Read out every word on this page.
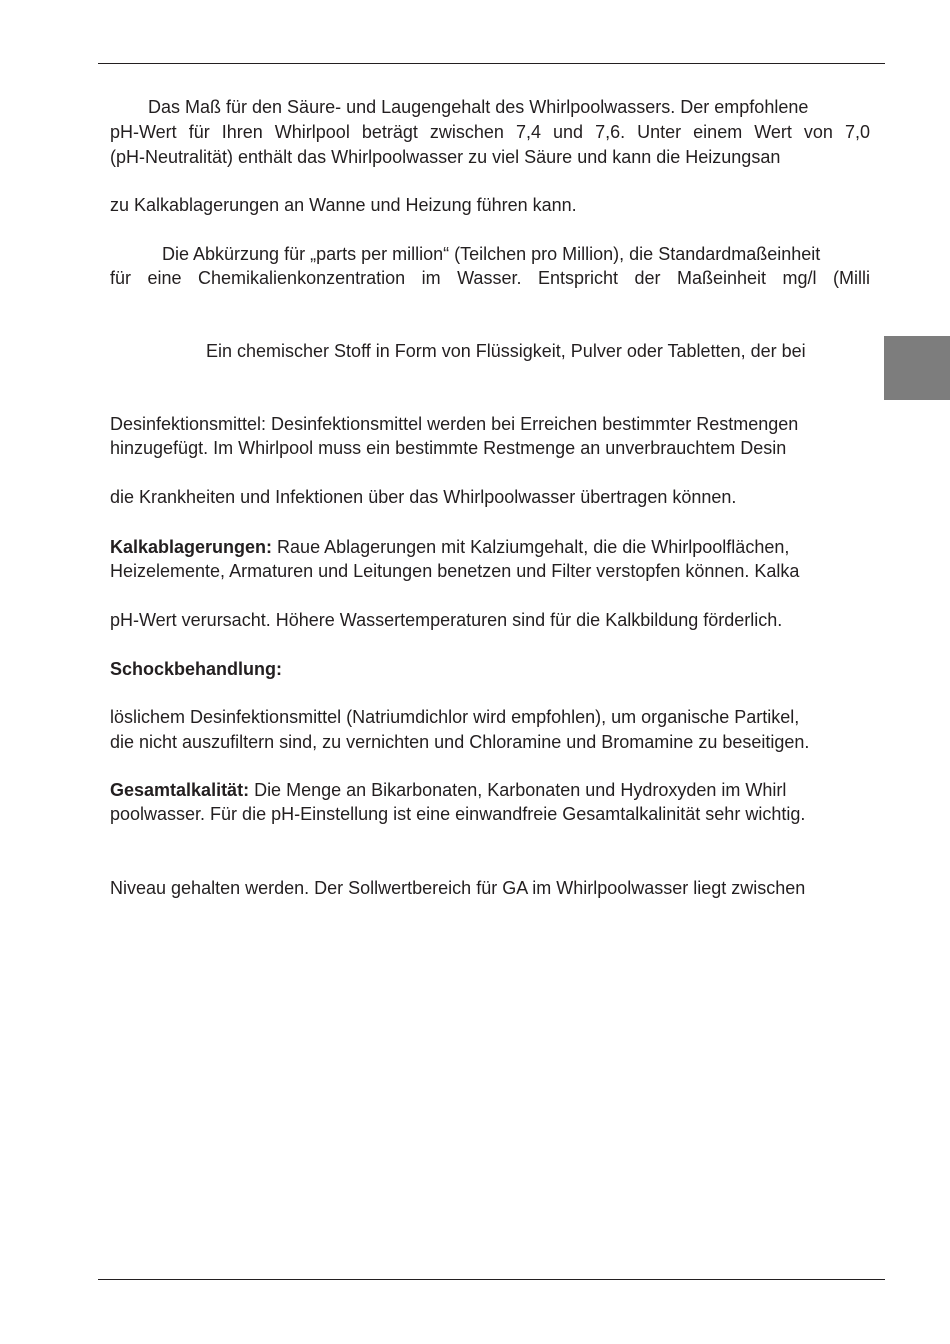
Das Maß für den Säure- und Laugengehalt des Whirlpoolwassers. Der empfohlene
pH-Wert für Ihren Whirlpool beträgt zwischen 7,4 und 7,6. Unter einem Wert von 7,0
(pH-Neutralität) enthält das Whirlpoolwasser zu viel Säure und kann die Heizungsan
zu Kalkablagerungen an Wanne und Heizung führen kann.
Die Abkürzung für „parts per million“ (Teilchen pro Million), die Standardmaßeinheit
für eine Chemikalienkonzentration im Wasser. Entspricht der Maßeinheit mg/l (Milli
Ein chemischer Stoff in Form von Flüssigkeit, Pulver oder Tabletten, der bei
Desinfektionsmittel: Desinfektionsmittel werden bei Erreichen bestimmter Restmengen
hinzugefügt. Im Whirlpool muss ein bestimmte Restmenge an unverbrauchtem Desin
die Krankheiten und Infektionen über das Whirlpoolwasser übertragen können.
Kalkablagerungen: Raue Ablagerungen mit Kalziumgehalt, die die Whirlpoolflächen,
Heizelemente, Armaturen und Leitungen benetzen und Filter verstopfen können. Kalka
pH-Wert verursacht. Höhere Wassertemperaturen sind für die Kalkbildung förderlich.
Schockbehandlung:
löslichem Desinfektionsmittel (Natriumdichlor wird empfohlen), um organische Partikel,
die nicht auszufiltern sind, zu vernichten und Chloramine und Bromamine zu beseitigen.
Gesamtalkalität: Die Menge an Bikarbonaten, Karbonaten und Hydroxyden im Whirl
poolwasser. Für die pH-Einstellung ist eine einwandfreie Gesamtalkalinität sehr wichtig.
Niveau gehalten werden. Der Sollwertbereich für GA im Whirlpoolwasser liegt zwischen
